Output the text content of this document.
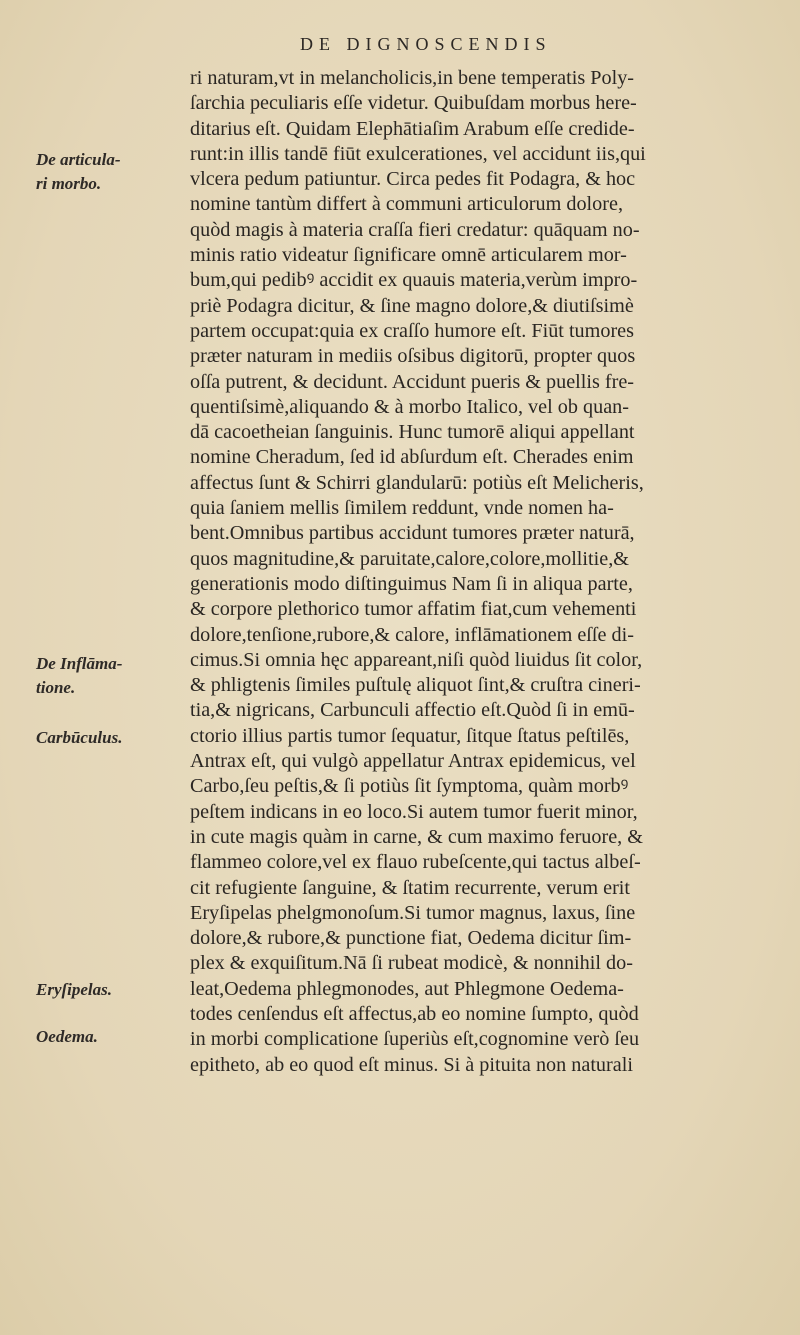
DE DIGNOSCENDIS
De articula-
ri morbo.
De Inflāma-
tione.
Carbūculus.
Eryſipelas.
Oedema.
ri naturam,vt in melancholicis,in bene temperatis Poly-
ſarchia peculiaris eſſe videtur. Quibuſdam morbus here-
ditarius eſt. Quidam Elephātiaſim Arabum eſſe credide-
runt:in illis tandē fiūt exulcerationes, vel accidunt iis,qui
vlcera pedum patiuntur. Circa pedes fit Podagra, & hoc
nomine tantùm differt à communi articulorum dolore,
quòd magis à materia craſſa fieri credatur: quāquam no-
minis ratio videatur ſignificare omnē articularem mor-
bum,qui pedibꝰ accidit ex quauis materia,verùm impro-
priè Podagra dicitur, & ſine magno dolore,& diutiſsimè
partem occupat:quia ex craſſo humore eſt. Fiūt tumores
præter naturam in mediis oſsibus digitorū, propter quos
oſſa putrent, & decidunt. Accidunt pueris & puellis fre-
quentiſsimè,aliquando & à morbo Italico, vel ob quan-
dā cacoetheian ſanguinis. Hunc tumorē aliqui appellant
nomine Cheradum, ſed id abſurdum eſt. Cherades enim
affectus ſunt & Schirri glandularū: potiùs eſt Melicheris,
quia ſaniem mellis ſimilem reddunt, vnde nomen ha-
bent.Omnibus partibus accidunt tumores præter naturā,
quos magnitudine,& paruitate,calore,colore,mollitie,&
generationis modo diſtinguimus Nam ſi in aliqua parte,
& corpore plethorico tumor affatim fiat,cum vehementi
dolore,tenſione,rubore,& calore, inflāmationem eſſe di-
cimus.Si omnia hęc appareant,niſi quòd liuidus ſit color,
& phligtenis ſimiles puſtulę aliquot ſint,& cruſtra cineri-
tia,& nigricans, Carbunculi affectio eſt.Quòd ſi in emū-
ctorio illius partis tumor ſequatur, ſitque ſtatus peſtilēs,
Antrax eſt, qui vulgò appellatur Antrax epidemicus, vel
Carbo,ſeu peſtis,& ſi potiùs ſit ſymptoma, quàm morbꝰ
peſtem indicans in eo loco.Si autem tumor fuerit minor,
in cute magis quàm in carne, & cum maximo feruore, &
flammeo colore,vel ex flauo rubeſcente,qui tactus albeſ-
cit refugiente ſanguine, & ſtatim recurrente, verum erit
Eryſipelas phelgmonoſum.Si tumor magnus, laxus, ſine
dolore,& rubore,& punctione fiat, Oedema dicitur ſim-
plex & exquiſitum.Nā ſi rubeat modicè, & nonnihil do-
leat,Oedema phlegmonodes, aut Phlegmone Oedema-
todes cenſendus eſt affectus,ab eo nomine ſumpto, quòd
in morbi complicatione ſuperiùs eſt,cognomine verò ſeu
epitheto, ab eo quod eſt minus. Si à pituita non naturali
